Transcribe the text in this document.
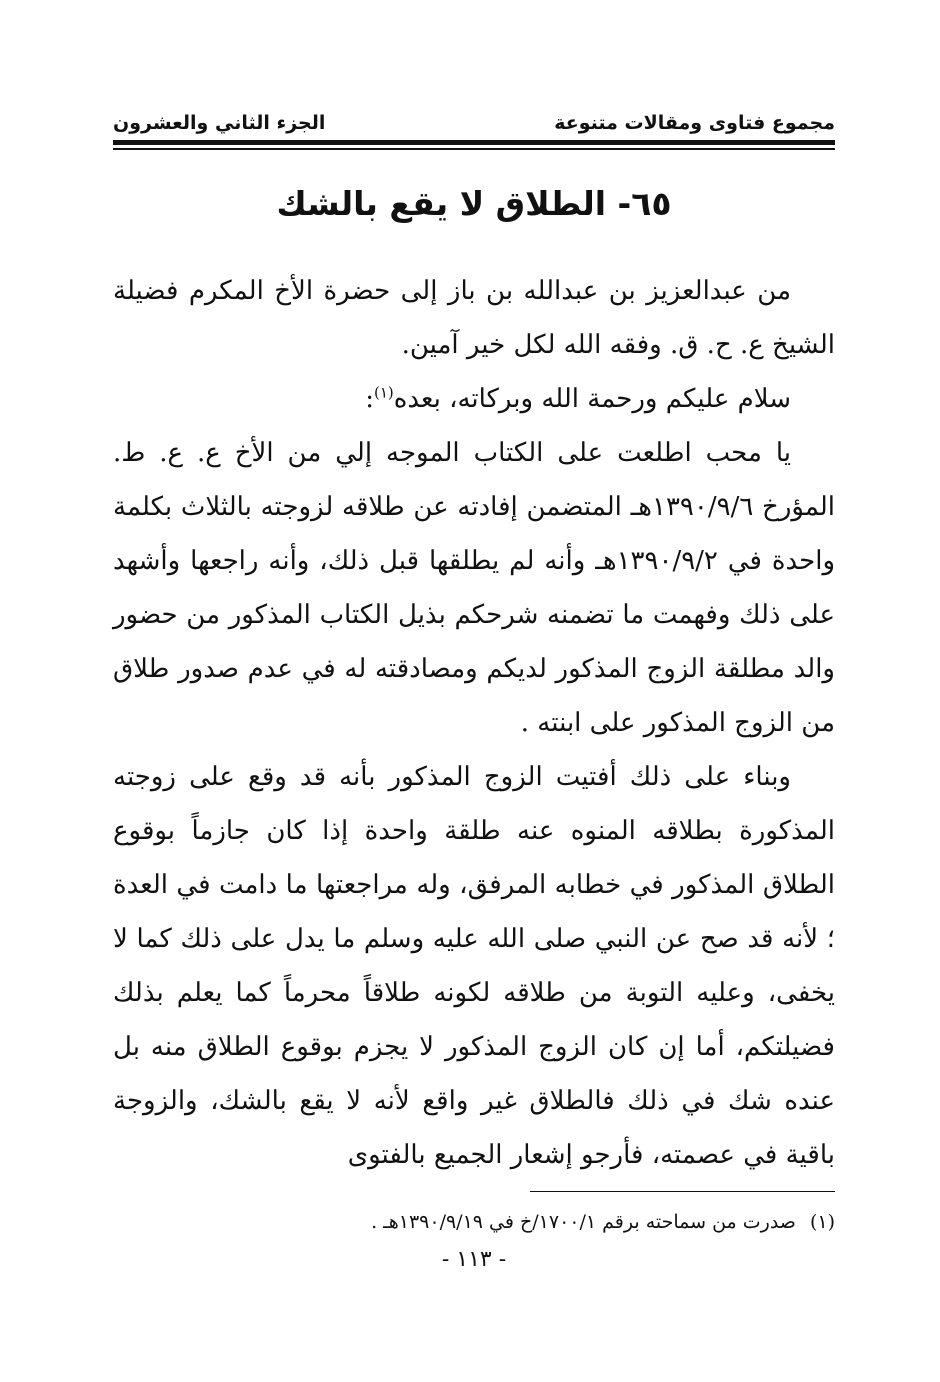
مجموع فتاوى ومقالات متنوعة
الجزء الثاني والعشرون
٦٥- الطلاق لا يقع بالشك

من عبدالعزيز بن عبدالله بن باز إلى حضرة الأخ المكرم فضيلة الشيخ ع. ح. ق. وفقه الله لكل خير آمين.

سلام عليكم ورحمة الله وبركاته، بعده$^{(١)}$:

يا محب اطلعت على الكتاب الموجه إلي من الأخ ع. ع. ط. المؤرخ ١٣٩٠/٩/٦هـ المتضمن إفادته عن طلاقه لزوجته بالثلاث بكلمة واحدة في ١٣٩٠/٩/٢هـ وأنه لم يطلقها قبل ذلك، وأنه راجعها وأشهد على ذلك وفهمت ما تضمنه شرحكم بذيل الكتاب المذكور من حضور والد مطلقة الزوج المذكور لديكم ومصادقته له في عدم صدور طلاق من الزوج المذكور على ابنته .

وبناء على ذلك أفتيت الزوج المذكور بأنه قد وقع على زوجته المذكورة بطلاقه المنوه عنه طلقة واحدة إذا كان جازماً بوقوع الطلاق المذكور في خطابه المرفق، وله مراجعتها ما دامت في العدة ؛ لأنه قد صح عن النبي صلى الله عليه وسلم ما يدل على ذلك كما لا يخفى، وعليه التوبة من طلاقه لكونه طلاقاً محرماً كما يعلم بذلك فضيلتكم، أما إن كان الزوج المذكور لا يجزم بوقوع الطلاق منه بل عنده شك في ذلك فالطلاق غير واقع لأنه لا يقع بالشك، والزوجة باقية في عصمته، فأرجو إشعار الجميع بالفتوى

(١)صدرت من سماحته برقم ١٧٠٠/١/خ في ١٣٩٠/٩/١٩هـ .
- ١١٣ -
